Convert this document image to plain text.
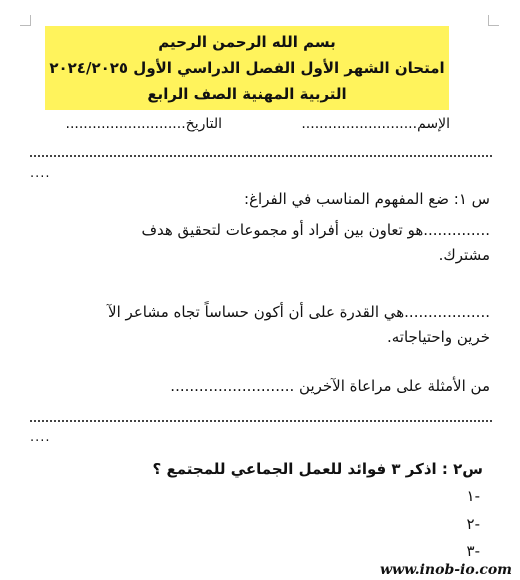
بسم الله الرحمن الرحيم
امتحان الشهر الأول الفصل الدراسي الأول ٢٠٢٤/٢٠٢٥
التربية المهنية الصف الرابع
الإسم..........................
التاريخ...........................
....
س ١: ضع المفهوم المناسب في الفراغ:
..............هو تعاون بين أفراد أو مجموعات لتحقيق هدف
مشترك.
..................هي القدرة على أن أكون حساساً تجاه مشاعر الآ
خرين واحتياجاته.
من الأمثلة على مراعاة الآخرين ..........................
....
س٢ : اذكر ٣ فوائد للعمل الجماعي للمجتمع ؟
-١
-٢
-٣
www.inob-io.com
